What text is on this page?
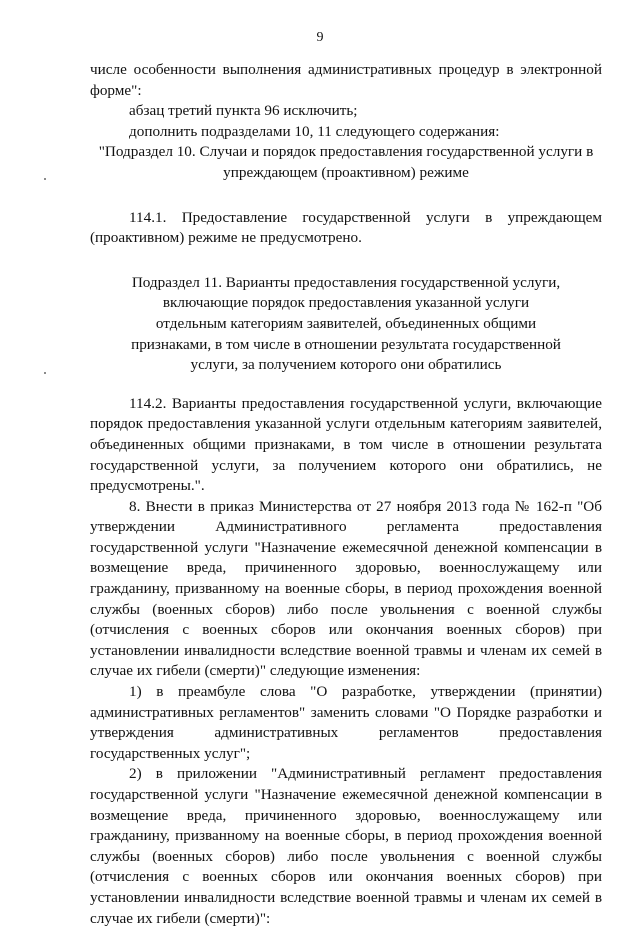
9

числе особенности выполнения административных процедур в электронной форме":

абзац третий пункта 96 исключить;

дополнить подразделами 10, 11 следующего содержания:

"Подраздел 10. Случаи и порядок предоставления государственной услуги в упреждающем (проактивном) режиме

114.1. Предоставление государственной услуги в упреждающем (проактивном) режиме не предусмотрено.

Подраздел 11. Варианты предоставления государственной услуги, включающие порядок предоставления указанной услуги отдельным категориям заявителей, объединенных общими признаками, в том числе в отношении результата государственной услуги, за получением которого они обратились

114.2. Варианты предоставления государственной услуги, включающие порядок предоставления указанной услуги отдельным категориям заявителей, объединенных общими признаками, в том числе в отношении результата государственной услуги, за получением которого они обратились, не предусмотрены.".

8. Внести в приказ Министерства от 27 ноября 2013 года № 162-п "Об утверждении Административного регламента предоставления государственной услуги "Назначение ежемесячной денежной компенсации в возмещение вреда, причиненного здоровью, военнослужащему или гражданину, призванному на военные сборы, в период прохождения военной службы (военных сборов) либо после увольнения с военной службы (отчисления с военных сборов или окончания военных сборов) при установлении инвалидности вследствие военной травмы и членам их семей в случае их гибели (смерти)" следующие изменения:

1) в преамбуле слова "О разработке, утверждении (принятии) административных регламентов" заменить словами "О Порядке разработки и утверждения административных регламентов предоставления государственных услуг";

2) в приложении "Административный регламент предоставления государственной услуги "Назначение ежемесячной денежной компенсации в возмещение вреда, причиненного здоровью, военнослужащему или гражданину, призванному на военные сборы, в период прохождения военной службы (военных сборов) либо после увольнения с военной службы (отчисления с военных сборов или окончания военных сборов) при установлении инвалидности вследствие военной травмы и членам их семей в случае их гибели (смерти)":
